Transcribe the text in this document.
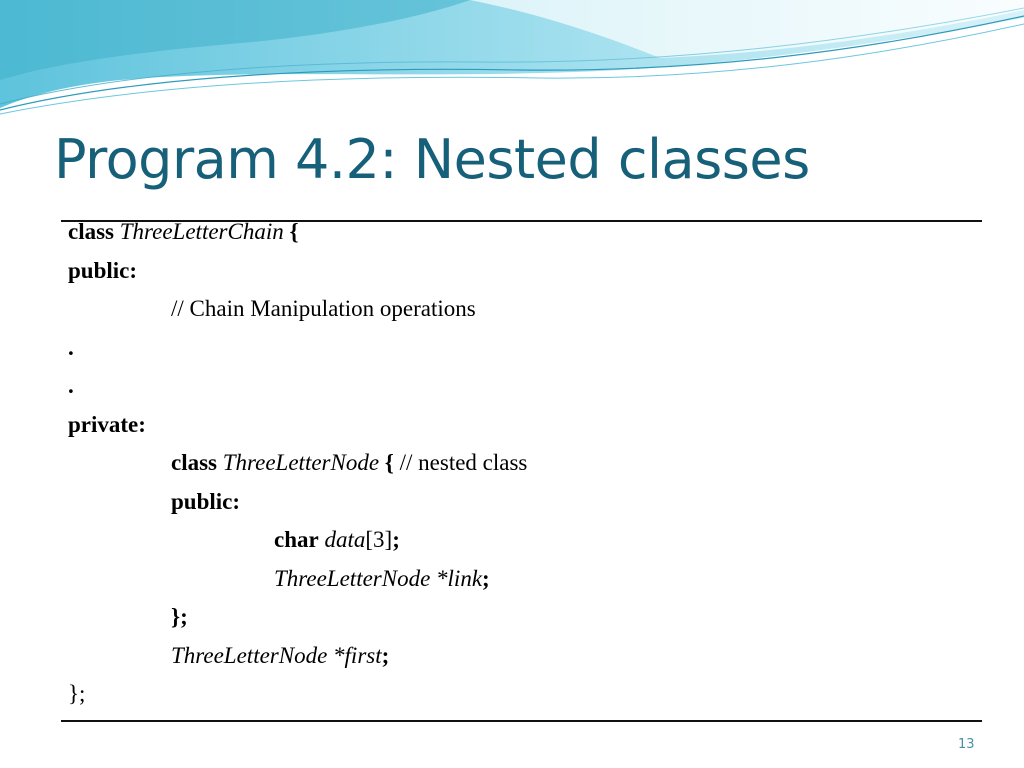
Program 4.2: Nested classes
class ThreeLetterChain {
public:
// Chain Manipulation operations
.
.
private:
class ThreeLetterNode { // nested class
public:
char data[3];
ThreeLetterNode *link;
};
ThreeLetterNode *first;
};
13
